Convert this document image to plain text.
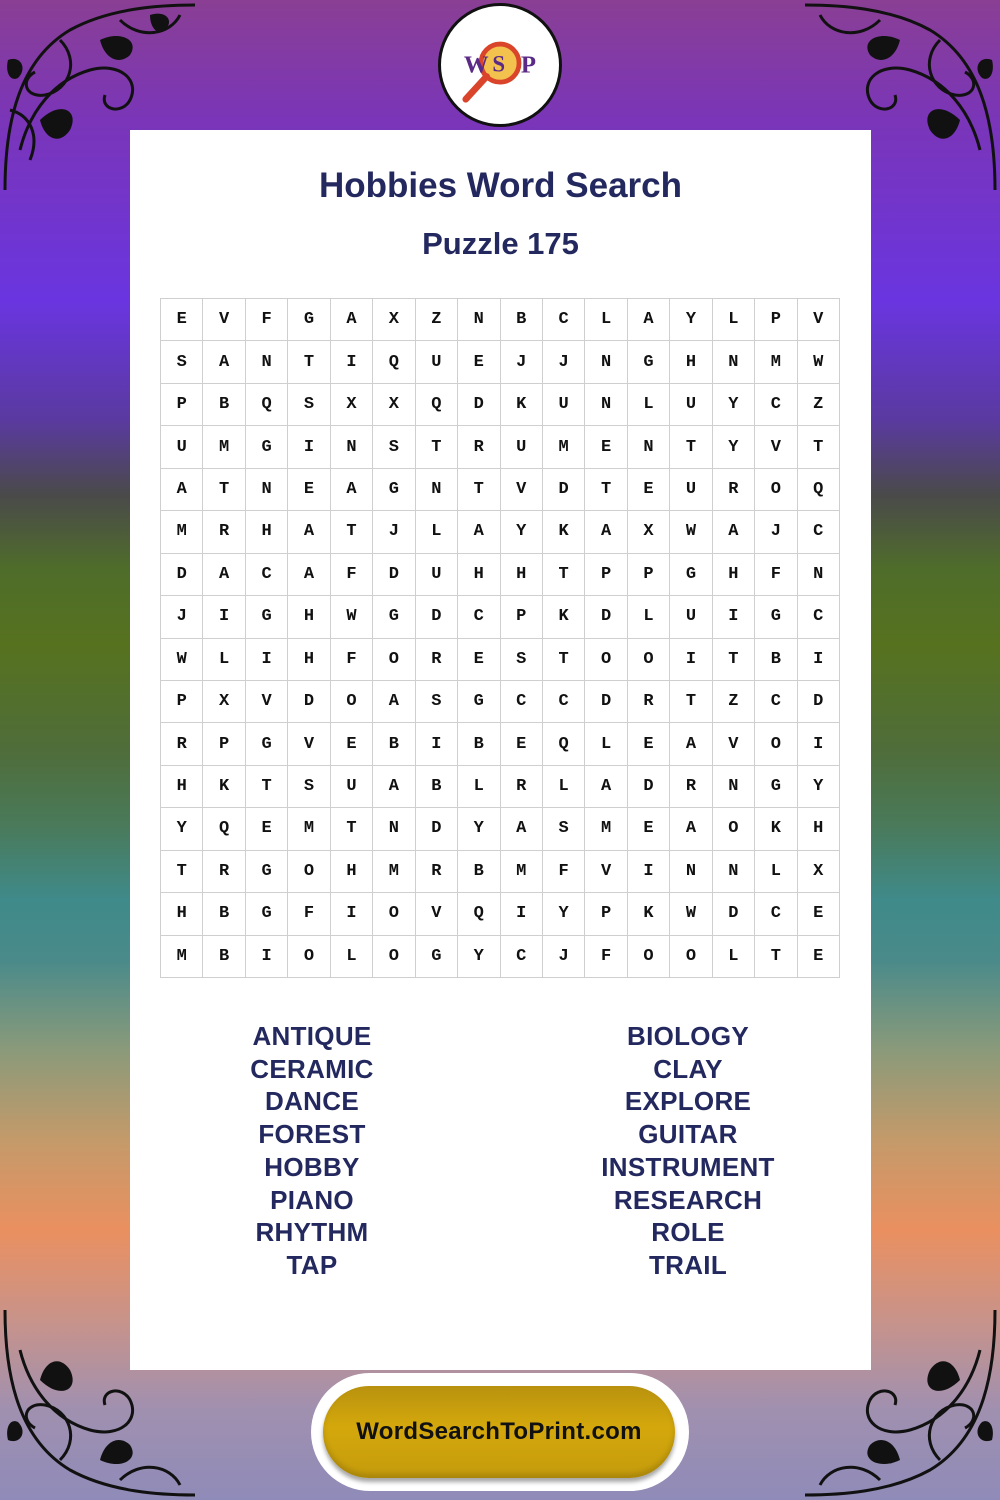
W S P
Hobbies Word Search
Puzzle 175
E	V	F	G	A	X	Z	N	B	C	L	A	Y	L	P	V
S	A	N	T	I	Q	U	E	J	J	N	G	H	N	M	W
P	B	Q	S	X	X	Q	D	K	U	N	L	U	Y	C	Z
U	M	G	I	N	S	T	R	U	M	E	N	T	Y	V	T
A	T	N	E	A	G	N	T	V	D	T	E	U	R	O	Q
M	R	H	A	T	J	L	A	Y	K	A	X	W	A	J	C
D	A	C	A	F	D	U	H	H	T	P	P	G	H	F	N
J	I	G	H	W	G	D	C	P	K	D	L	U	I	G	C
W	L	I	H	F	O	R	E	S	T	O	O	I	T	B	I
P	X	V	D	O	A	S	G	C	C	D	R	T	Z	C	D
R	P	G	V	E	B	I	B	E	Q	L	E	A	V	O	I
H	K	T	S	U	A	B	L	R	L	A	D	R	N	G	Y
Y	Q	E	M	T	N	D	Y	A	S	M	E	A	O	K	H
T	R	G	O	H	M	R	B	M	F	V	I	N	N	L	X
H	B	G	F	I	O	V	Q	I	Y	P	K	W	D	C	E
M	B	I	O	L	O	G	Y	C	J	F	O	O	L	T	E
ANTIQUE
CERAMIC
DANCE
FOREST
HOBBY
PIANO
RHYTHM
TAP
BIOLOGY
CLAY
EXPLORE
GUITAR
INSTRUMENT
RESEARCH
ROLE
TRAIL
WordSearchToPrint.com
